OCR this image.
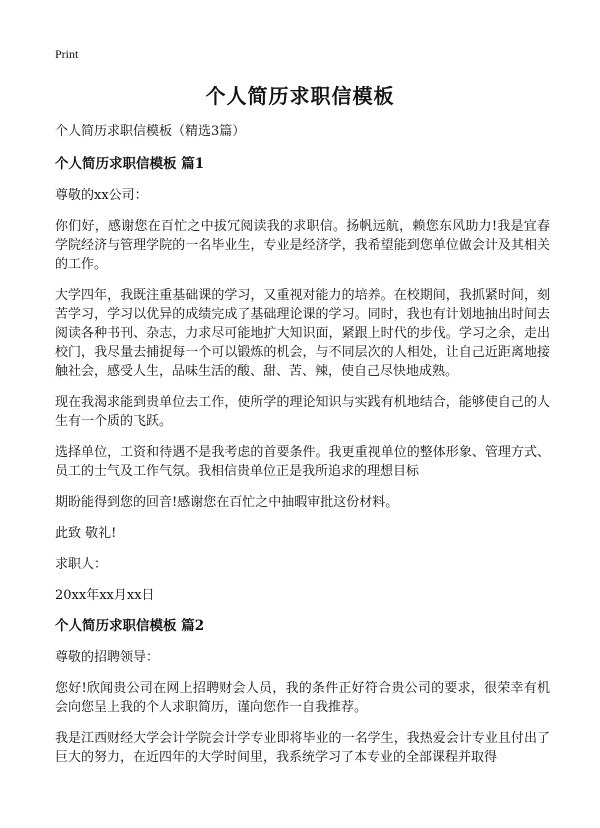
Print
个人简历求职信模板

个人简历求职信模板（精选3篇）

个人简历求职信模板 篇1

尊敬的xx公司：

你们好，感谢您在百忙之中拔冗阅读我的求职信。扬帆远航，赖您东风助力!我是宜春学院经济与管理学院的一名毕业生，专业是经济学，我希望能到您单位做会计及其相关的工作。

大学四年，我既注重基础课的学习，又重视对能力的培养。在校期间，我抓紧时间，刻苦学习，学习以优异的成绩完成了基础理论课的学习。同时，我也有计划地抽出时间去阅读各种书刊、杂志，力求尽可能地扩大知识面，紧跟上时代的步伐。学习之余，走出校门，我尽量去捕捉每一个可以锻炼的机会，与不同层次的人相处，让自己近距离地接触社会，感受人生，品味生活的酸、甜、苦、辣，使自己尽快地成熟。

现在我渴求能到贵单位去工作，使所学的理论知识与实践有机地结合，能够使自己的人生有一个质的飞跃。

选择单位，工资和待遇不是我考虑的首要条件。我更重视单位的整体形象、管理方式、员工的士气及工作气氛。我相信贵单位正是我所追求的理想目标

期盼能得到您的回音!感谢您在百忙之中抽暇审批这份材料。

此致 敬礼!

求职人：

20xx年xx月xx日

个人简历求职信模板 篇2

尊敬的招聘领导：

您好!欣闻贵公司在网上招聘财会人员，我的条件正好符合贵公司的要求，很荣幸有机会向您呈上我的个人求职简历，谨向您作一自我推荐。

我是江西财经大学会计学院会计学专业即将毕业的一名学生，我热爱会计专业且付出了巨大的努力，在近四年的大学时间里，我系统学习了本专业的全部课程并取得
